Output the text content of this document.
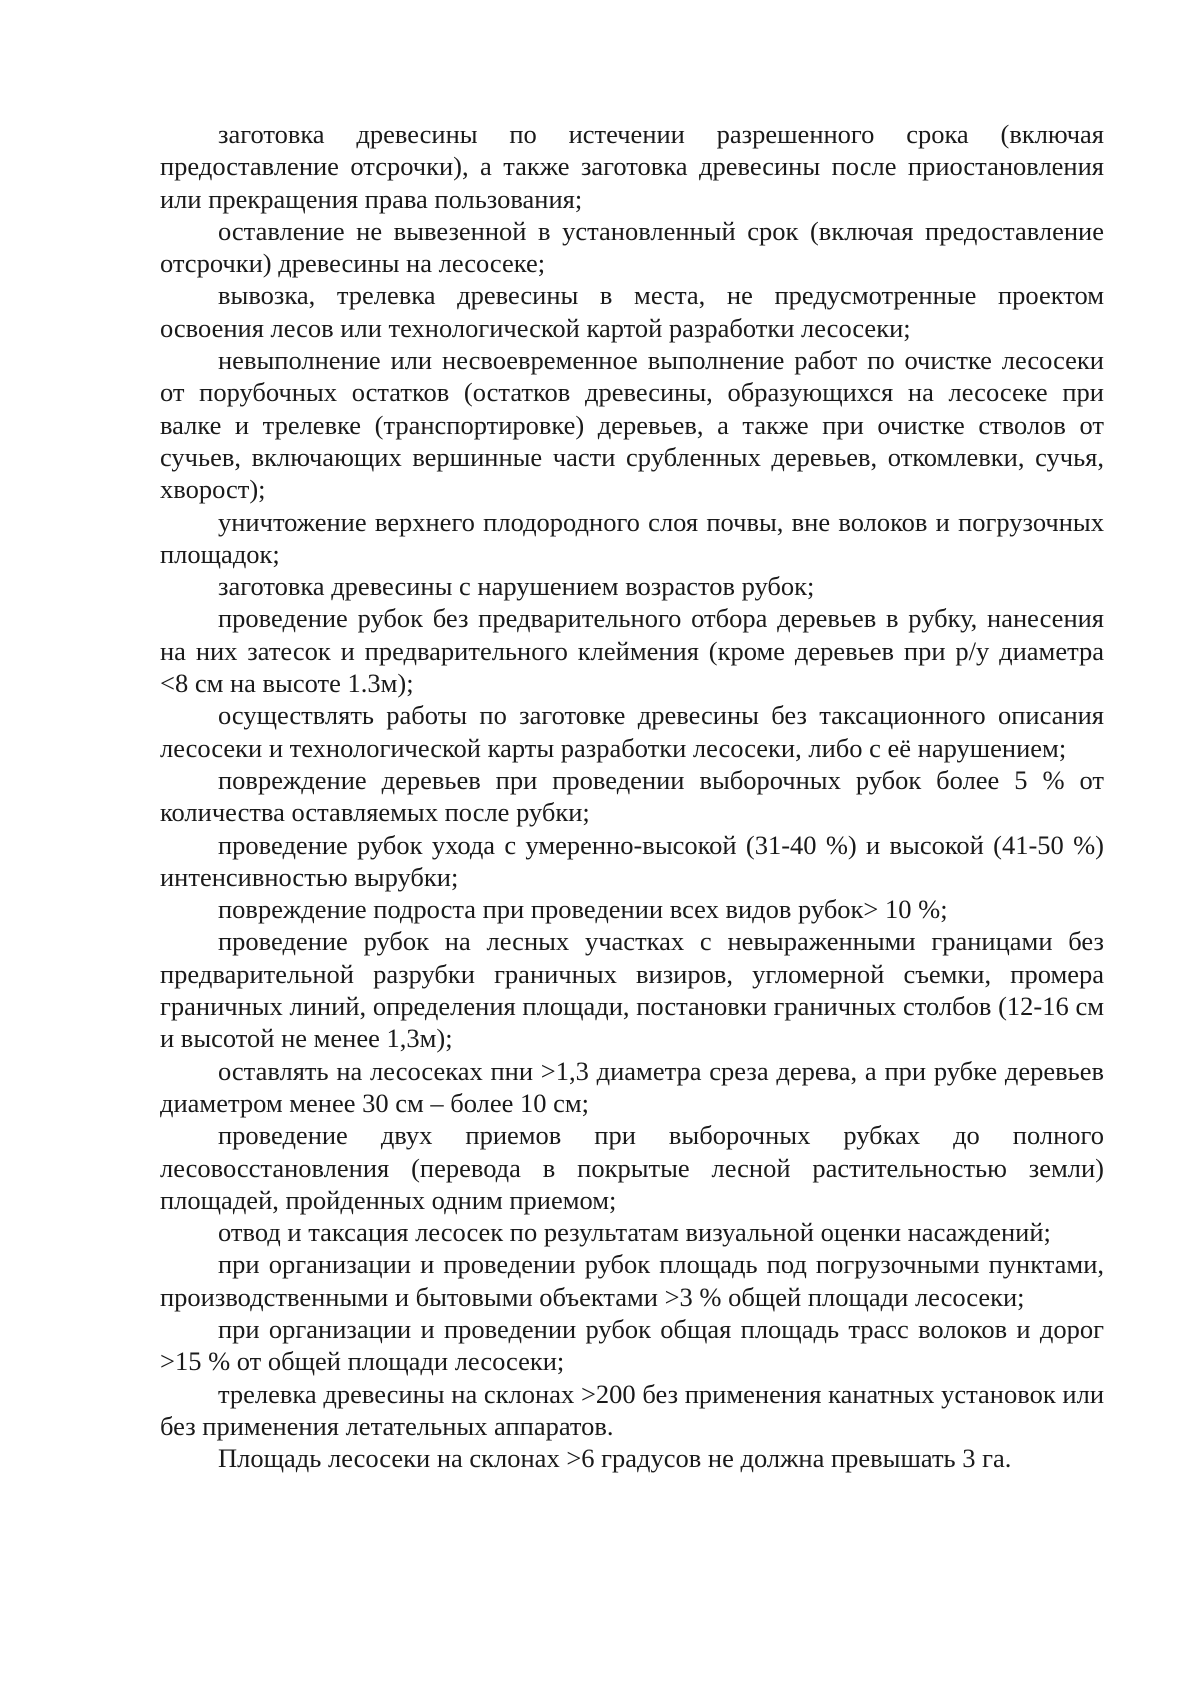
заготовка древесины по истечении разрешенного срока (включая предоставление отсрочки), а также заготовка древесины после приостановления или прекращения права пользования;

оставление не вывезенной в установленный срок (включая предоставление отсрочки) древесины на лесосеке;

вывозка, трелевка древесины в места, не предусмотренные проектом освоения лесов или технологической картой разработки лесосеки;

невыполнение или несвоевременное выполнение работ по очистке лесосеки от порубочных остатков (остатков древесины, образующихся на лесосеке при валке и трелевке (транспортировке) деревьев, а также при очистке стволов от сучьев, включающих вершинные части срубленных деревьев, откомлевки, сучья, хворост);

уничтожение верхнего плодородного слоя почвы, вне волоков и погрузочных площадок;

заготовка древесины с нарушением возрастов рубок;

проведение рубок без предварительного отбора деревьев в рубку, нанесения на них затесок и предварительного клеймения (кроме деревьев при р/у диаметра <8 см на высоте 1.3м);

осуществлять работы по заготовке древесины без таксационного описания лесосеки и технологической карты разработки лесосеки, либо с её нарушением;

повреждение деревьев при проведении выборочных рубок более 5 % от количества оставляемых после рубки;

проведение рубок ухода с умеренно-высокой (31-40 %) и высокой (41-50 %) интенсивностью вырубки;

повреждение подроста при проведении всех видов рубок> 10 %;

проведение рубок на лесных участках с невыраженными границами без предварительной разрубки граничных визиров, угломерной съемки, промера граничных линий, определения площади, постановки граничных столбов (12-16 см и высотой не менее 1,3м);

оставлять на лесосеках пни >1,3 диаметра среза дерева, а при рубке деревьев диаметром менее 30 см – более 10 см;

проведение двух приемов при выборочных рубках до полного лесовосстановления (перевода в покрытые лесной растительностью земли) площадей, пройденных одним приемом;

отвод и таксация лесосек по результатам визуальной оценки насаждений;

при организации и проведении рубок площадь под погрузочными пунктами, производственными и бытовыми объектами >3 % общей площади лесосеки;

при организации и проведении рубок общая площадь трасс волоков и дорог >15 % от общей площади лесосеки;

трелевка древесины на склонах >200 без применения канатных установок или без применения летательных аппаратов.

Площадь лесосеки на склонах >6 градусов не должна превышать 3 га.
